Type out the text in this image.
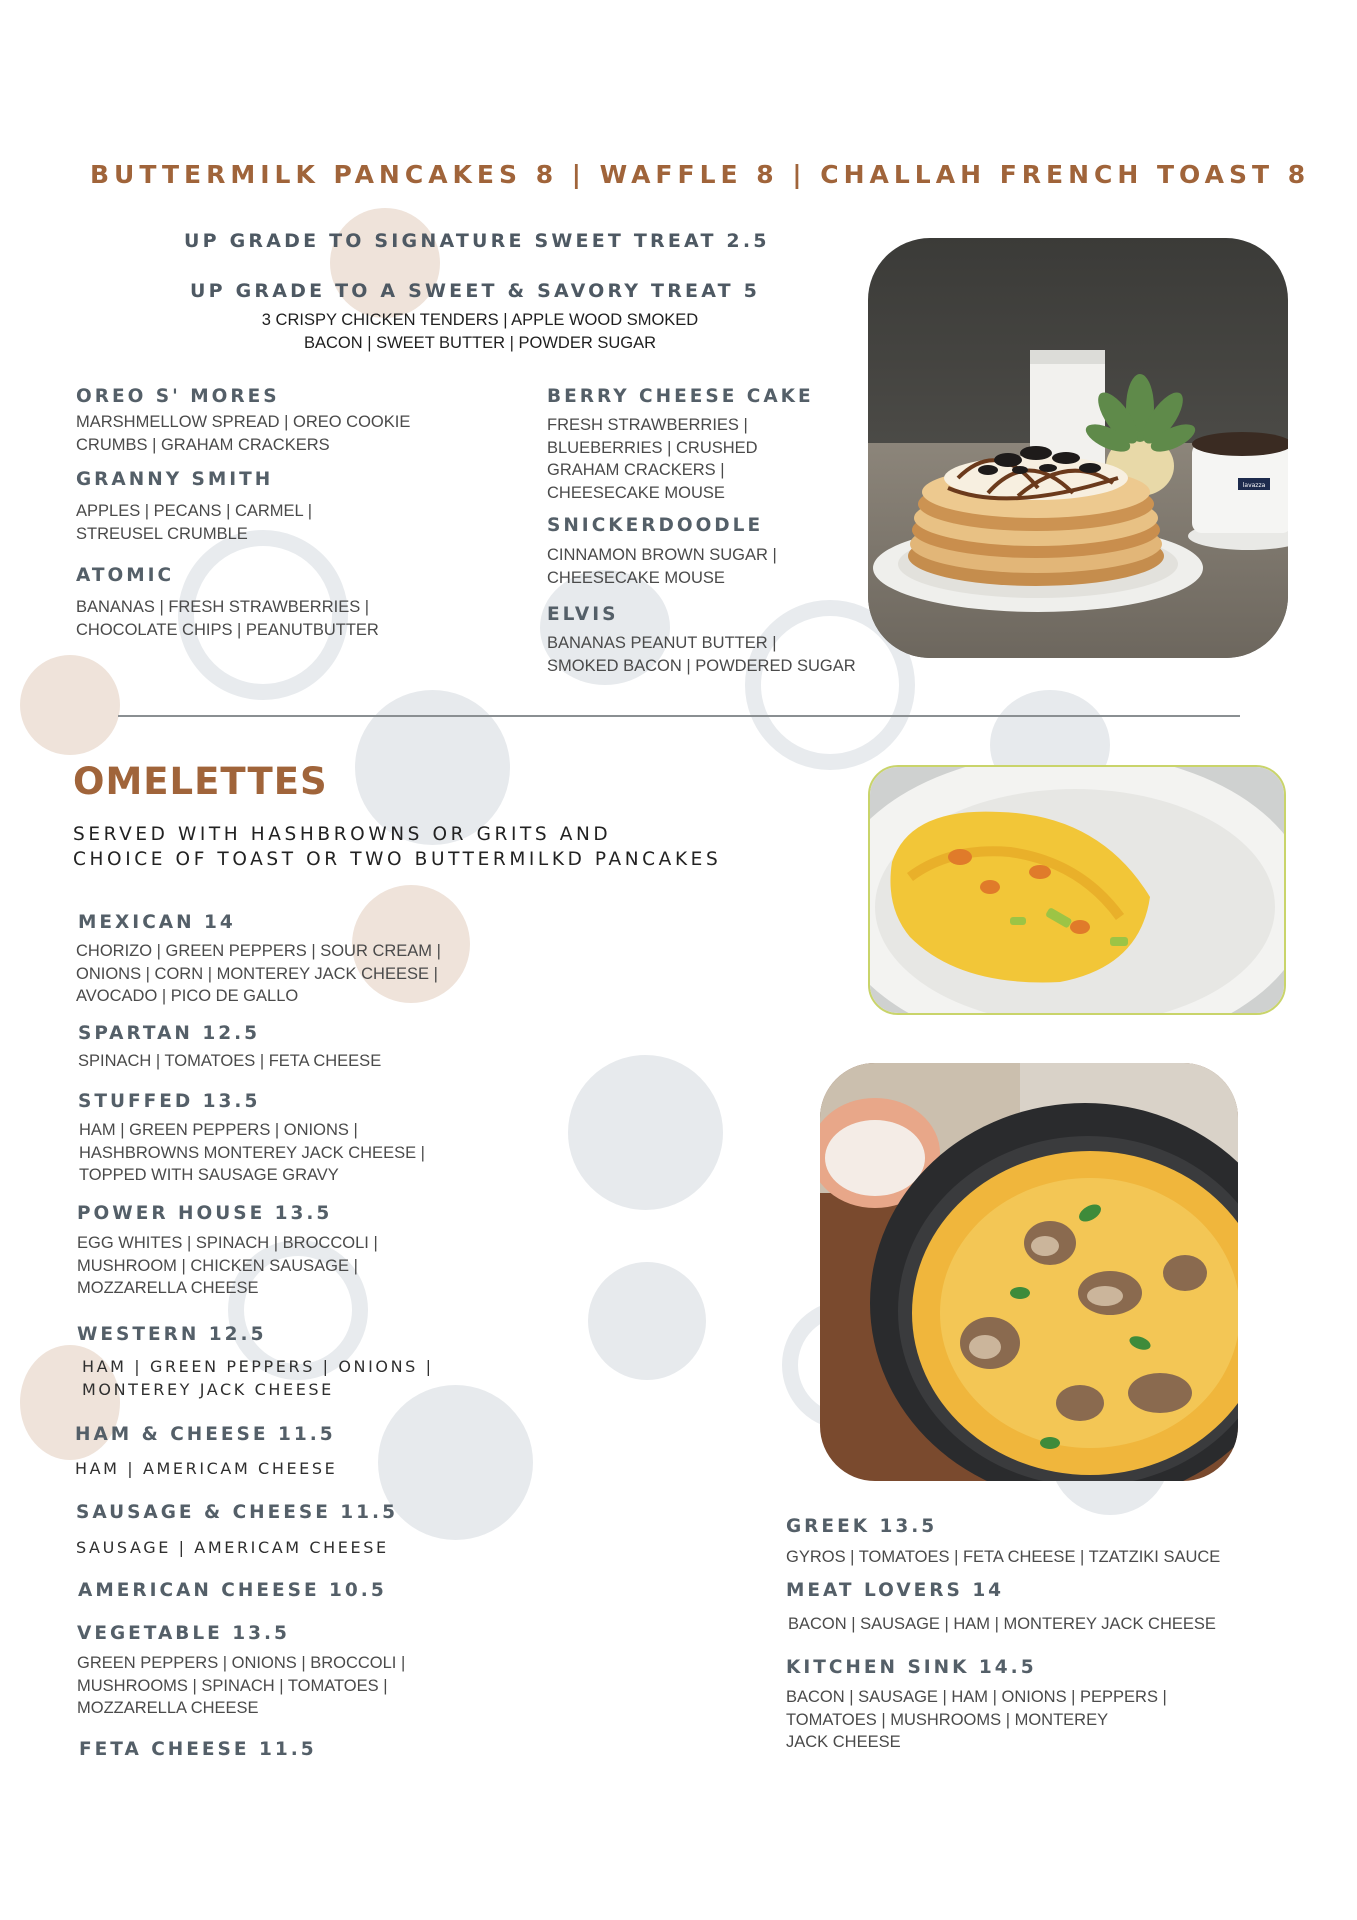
BUTTERMILK PANCAKES 8 | WAFFLE 8 | CHALLAH FRENCH TOAST 8
UP GRADE TO SIGNATURE SWEET TREAT 2.5
UP GRADE TO A SWEET & SAVORY TREAT 5
3 CRISPY CHICKEN TENDERS | APPLE WOOD SMOKED
BACON | SWEET BUTTER | POWDER SUGAR
OREO S' MORES
MARSHMELLOW SPREAD | OREO COOKIE
CRUMBS | GRAHAM CRACKERS
GRANNY SMITH
APPLES | PECANS | CARMEL |
STREUSEL CRUMBLE
ATOMIC
BANANAS | FRESH STRAWBERRIES |
CHOCOLATE CHIPS | PEANUTBUTTER
BERRY CHEESE CAKE
FRESH STRAWBERRIES |
BLUEBERRIES | CRUSHED
GRAHAM CRACKERS |
CHEESECAKE MOUSE
SNICKERDOODLE
CINNAMON BROWN SUGAR |
CHEESECAKE MOUSE
ELVIS
BANANAS PEANUT BUTTER |
SMOKED BACON | POWDERED SUGAR
lavazza
OMELETTES
SERVED WITH HASHBROWNS OR GRITS AND
CHOICE OF TOAST OR TWO BUTTERMILKD PANCAKES
MEXICAN 14
CHORIZO | GREEN PEPPERS | SOUR CREAM |
ONIONS | CORN | MONTEREY JACK CHEESE |
AVOCADO | PICO DE GALLO
SPARTAN 12.5
SPINACH | TOMATOES | FETA CHEESE
STUFFED 13.5
HAM | GREEN PEPPERS | ONIONS |
HASHBROWNS MONTEREY JACK CHEESE |
TOPPED WITH SAUSAGE GRAVY
POWER HOUSE 13.5
EGG WHITES | SPINACH | BROCCOLI |
MUSHROOM | CHICKEN SAUSAGE |
MOZZARELLA CHEESE
WESTERN 12.5
HAM | GREEN PEPPERS | ONIONS |
MONTEREY JACK CHEESE
HAM & CHEESE 11.5
HAM | AMERICAM CHEESE
SAUSAGE & CHEESE 11.5
SAUSAGE | AMERICAM CHEESE
AMERICAN CHEESE 10.5
VEGETABLE 13.5
GREEN PEPPERS | ONIONS | BROCCOLI |
MUSHROOMS | SPINACH | TOMATOES |
MOZZARELLA CHEESE
FETA CHEESE 11.5
GREEK 13.5
GYROS | TOMATOES | FETA CHEESE | TZATZIKI SAUCE
MEAT LOVERS 14
BACON | SAUSAGE | HAM | MONTEREY JACK CHEESE
KITCHEN SINK 14.5
BACON | SAUSAGE | HAM | ONIONS | PEPPERS |
TOMATOES | MUSHROOMS | MONTEREY
JACK CHEESE
